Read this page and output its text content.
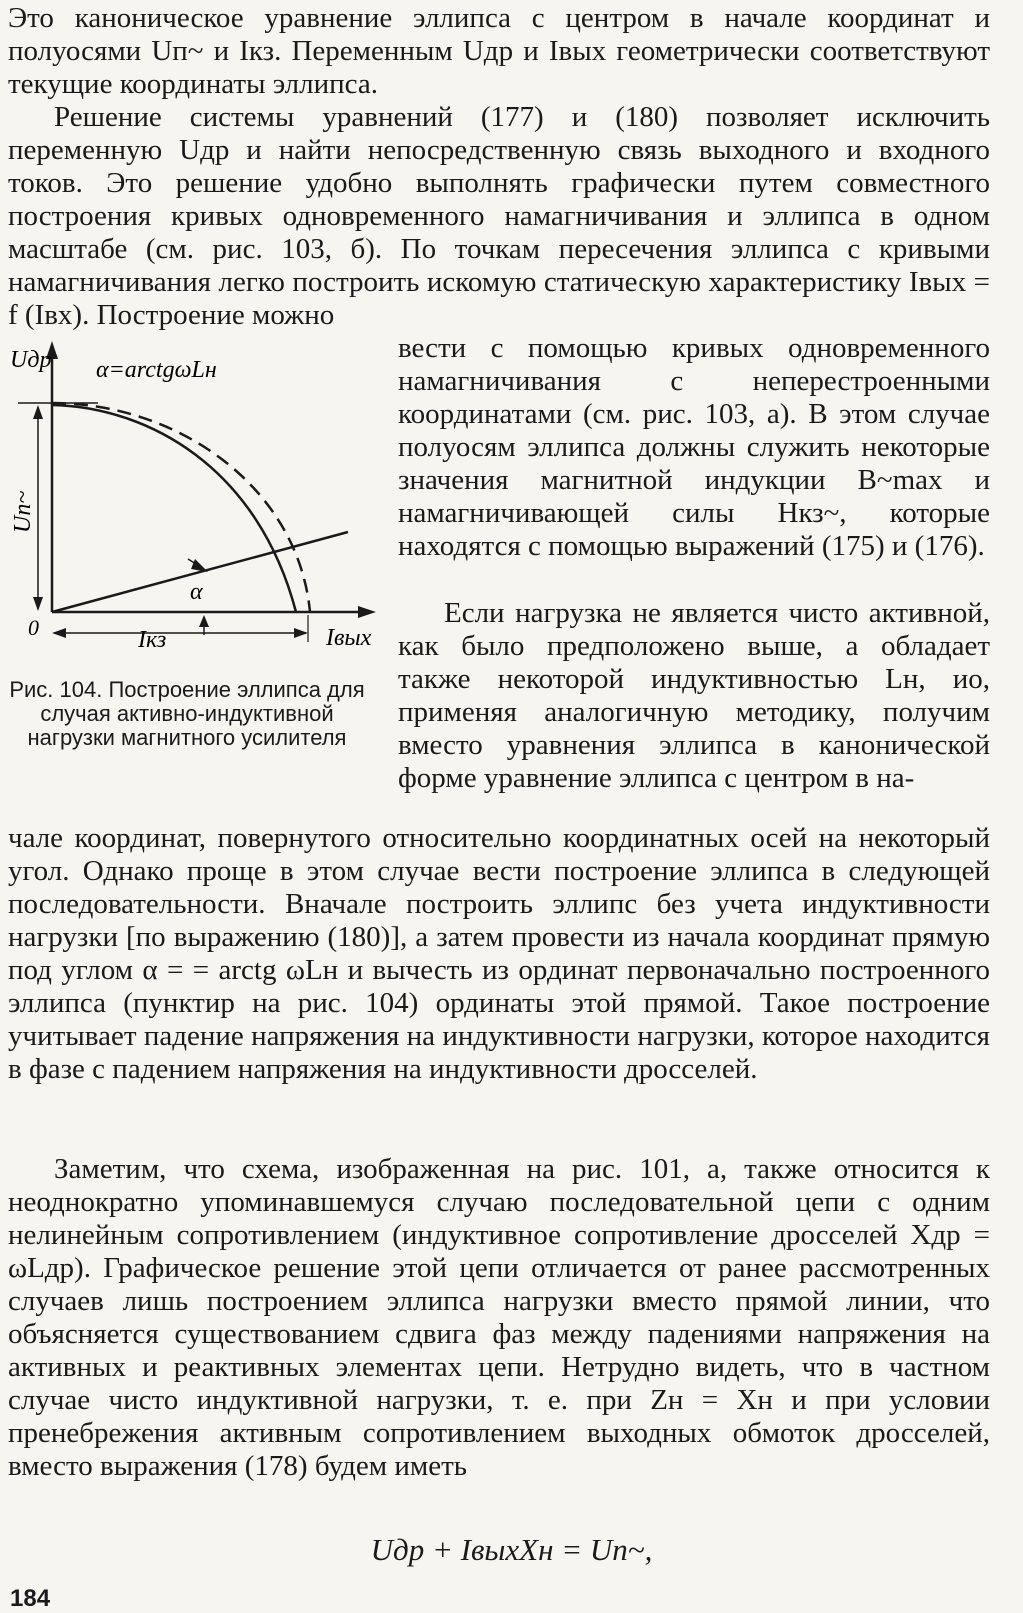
Это каноническое уравнение эллипса с центром в начале координат и полуосями Uп~ и Iкз. Переменным Uдр и Iвых геометрически соответствуют текущие координаты эллипса.
Решение системы уравнений (177) и (180) позволяет исключить переменную Uдр и найти непосредственную связь выходного и входного токов. Это решение удобно выполнять графически путем совместного построения кривых одновременного намагничивания и эллипса в одном масштабе (см. рис. 103, б). По точкам пересечения эллипса с кривыми намагничивания легко построить искомую статическую характеристику Iвых = f (Iвх). Построение можно
Uдр α=arctgωLн
Iвых
0	Iкз
α
Uп~
Рис. 104. Построение эллипса для случая активно-индуктивной нагрузки магнитного усилителя
вести с помощью кривых одновременного намагничивания с неперестроенными координатами (см. рис. 103, а). В этом случае полуосям эллипса должны служить некоторые значения магнитной индукции B~max и намагничивающей силы Hкз~, которые находятся с помощью выражений (175) и (176).
Если нагрузка не является чисто активной, как было предположено выше, а обладает также некоторой индуктивностью Lн, ио, применяя аналогичную методику, получим вместо уравнения эллипса в канонической форме уравнение эллипса с центром в на-
чале координат, повернутого относительно координатных осей на некоторый угол. Однако проще в этом случае вести построение эллипса в следующей последовательности. Вначале построить эллипс без учета индуктивности нагрузки [по выражению (180)], а затем провести из начала координат прямую под углом α = = arctg ωLн и вычесть из ординат первоначально построенного эллипса (пунктир на рис. 104) ординаты этой прямой. Такое построение учитывает падение напряжения на индуктивности нагрузки, которое находится в фазе с падением напряжения на индуктивности дросселей.
Заметим, что схема, изображенная на рис. 101, а, также относится к неоднократно упоминавшемуся случаю последовательной цепи с одним нелинейным сопротивлением (индуктивное сопротивление дросселей Xдр = ωLдр). Графическое решение этой цепи отличается от ранее рассмотренных случаев лишь построением эллипса нагрузки вместо прямой линии, что объясняется существованием сдвига фаз между падениями напряжения на активных и реактивных элементах цепи. Нетрудно видеть, что в частном случае чисто индуктивной нагрузки, т. е. при Zн = Xн и при условии пренебрежения активным сопротивлением выходных обмоток дросселей, вместо выражения (178) будем иметь
Uдр + IвыхXн = Uп~,
184
